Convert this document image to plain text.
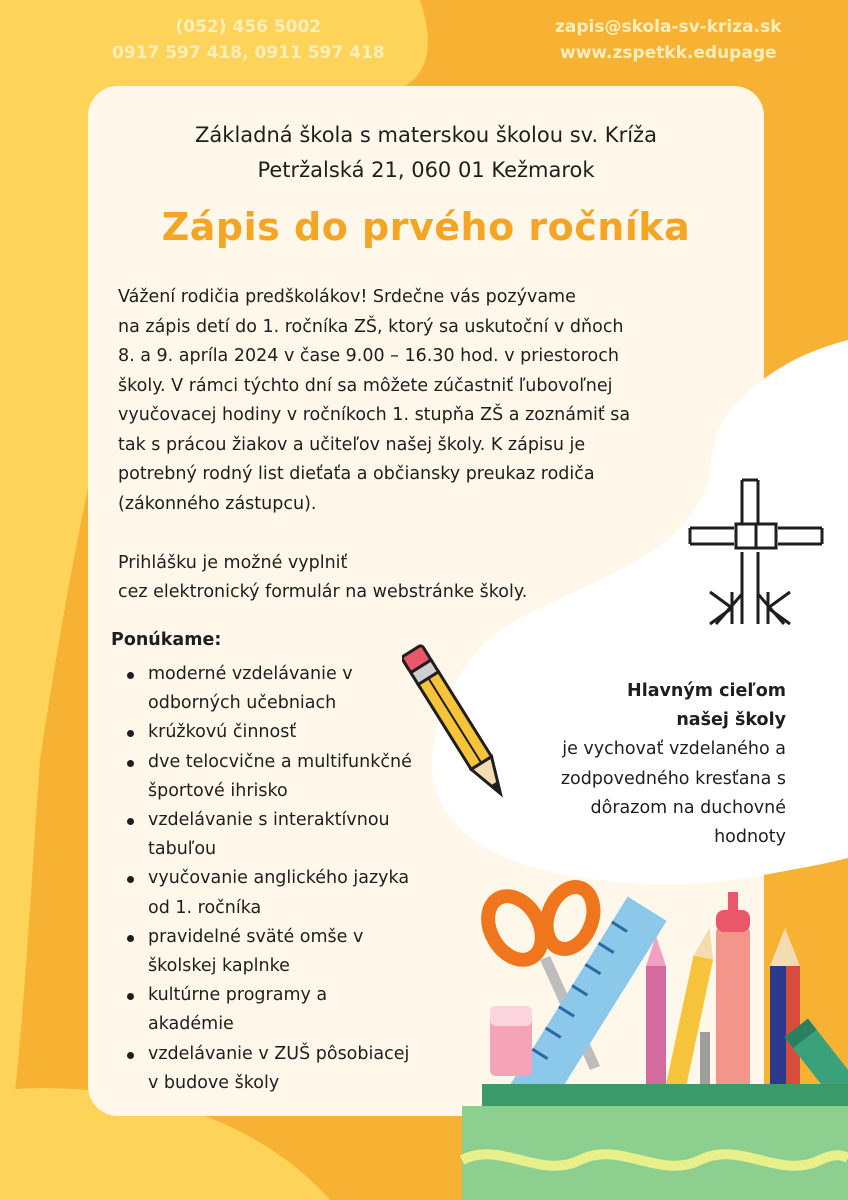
(052) 456 5002
0917 597 418, 0911 597 418
zapis@skola-sv-kriza.sk
www.zspetkk.edupage
Základná škola s materskou školou sv. Kríža
Petržalská 21, 060 01 Kežmarok
Zápis do prvého ročníka

Vážení rodičia predškolákov! Srdečne vás pozývame
na zápis detí do 1. ročníka ZŠ, ktorý sa uskutoční v dňoch
8. a 9. apríla 2024 v čase 9.00 – 16.30 hod. v priestoroch
školy. V rámci týchto dní sa môžete zúčastniť ľubovoľnej
vyučovacej hodiny v ročníkoch 1. stupňa ZŠ a zoznámiť sa
tak s prácou žiakov a učiteľov našej školy. K zápisu je
potrebný rodný list dieťaťa a občiansky preukaz rodiča
(zákonného zástupcu).

Prihlášku je možné vyplniť
cez elektronický formulár na webstránke školy.

Ponúkame:
moderné vzdelávanie v
odborných učebniach
krúžkovú činnosť
dve telocvične a multifunkčné
športové ihrisko
vzdelávanie s interaktívnou
tabuľou
vyučovanie anglického jazyka
od 1. ročníka
pravidelné sväté omše v
školskej kaplnke
kultúrne programy a
akadémie
vzdelávanie v ZUŠ pôsobiacej
v budove školy
Hlavným cieľom
našej školy
je vychovať vzdelaného a
zodpovedného kresťana s
dôrazom na duchovné
hodnoty
